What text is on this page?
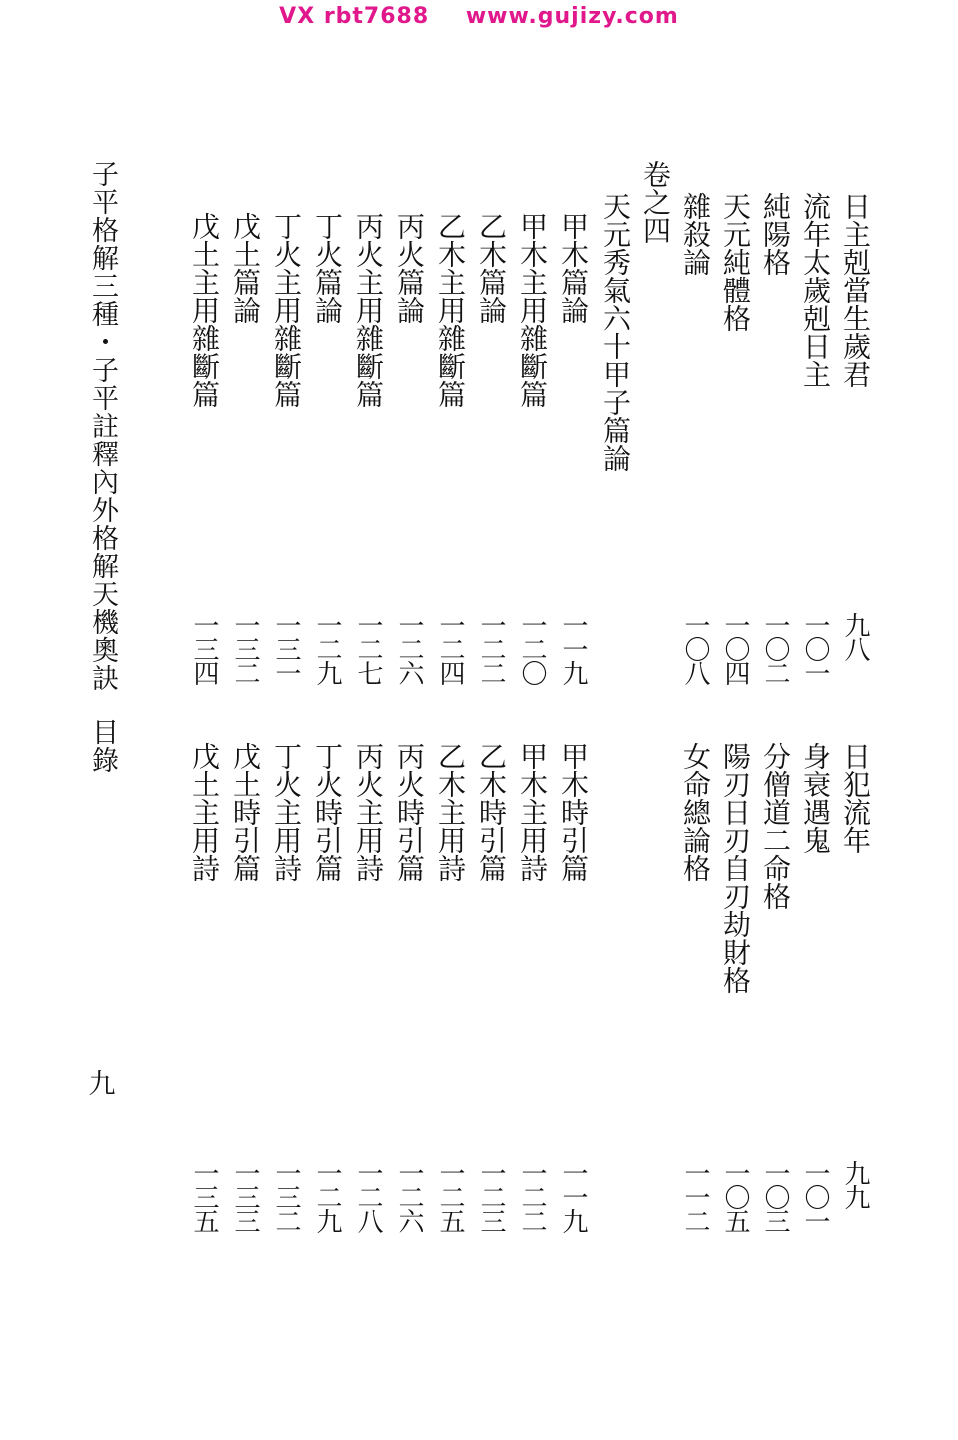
VX rbt7688 www.gujizy.com
日主剋當生歲君
九八
日犯流年
九九
流年太歲剋日主
一〇一
身衰遇鬼
一〇一
純陽格
一〇二
分僧道二命格
一〇三
天元純體格
一〇四
陽刃日刃自刃劫財格
一〇五
雜殺論
一〇八
女命總論格
一一二
卷之四
天元秀氣六十甲子篇論
甲木篇論
一一九
甲木時引篇
一一九
甲木主用雜斷篇
一二〇
甲木主用詩
一二二
乙木篇論
一二二
乙木時引篇
一二三
乙木主用雜斷篇
一二四
乙木主用詩
一二五
丙火篇論
一二六
丙火時引篇
一二六
丙火主用雜斷篇
一二七
丙火主用詩
一二八
丁火篇論
一二九
丁火時引篇
一二九
丁火主用雜斷篇
一三一
丁火主用詩
一三二
戊土篇論
一三二
戊土時引篇
一三三
戊土主用雜斷篇
一三四
戊土主用詩
一三五
子平格解三種・子平註釋內外格解天機奧訣目錄
九
